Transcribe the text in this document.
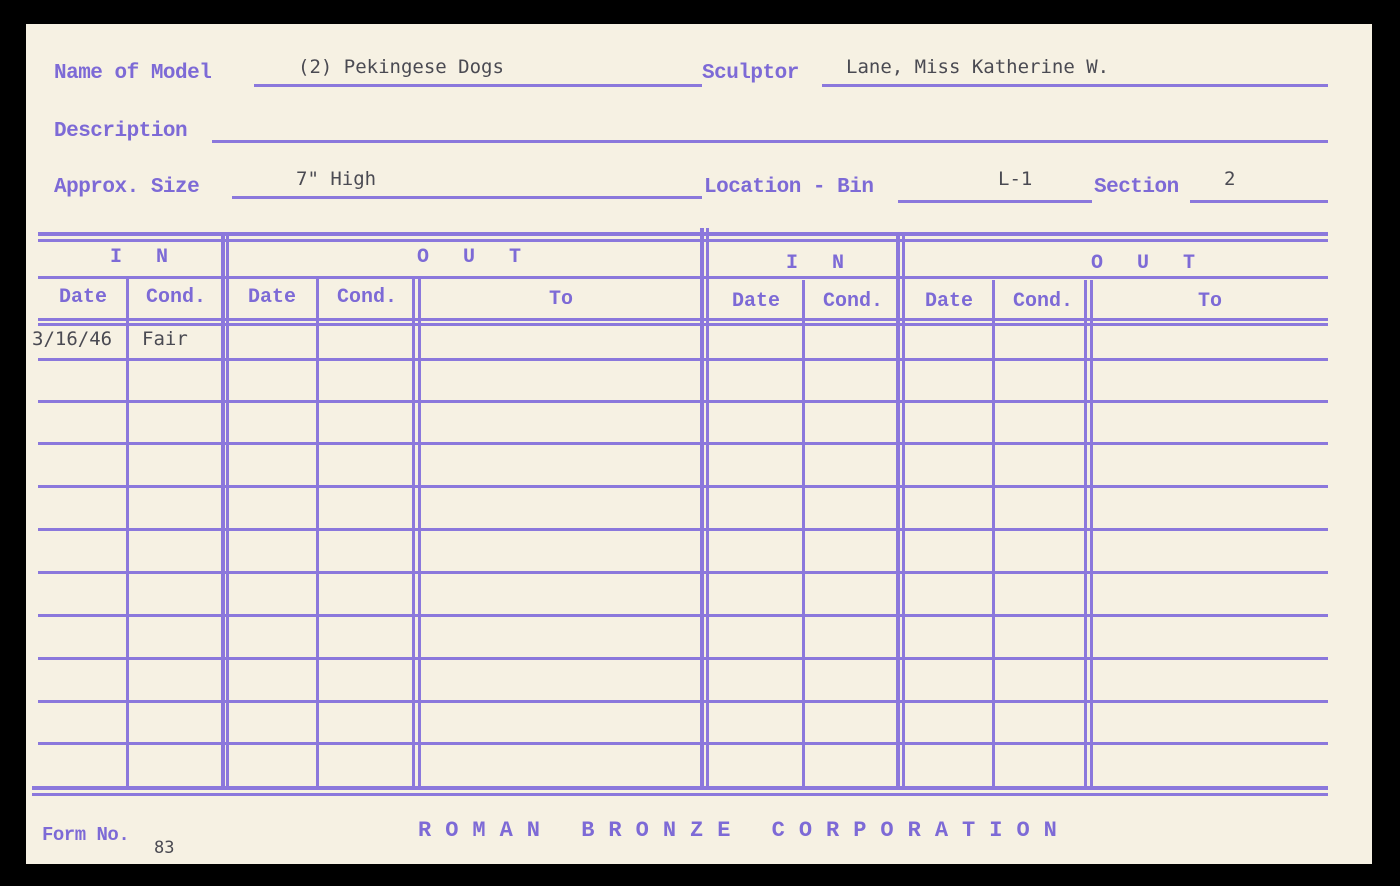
Name of Model	(2) Pekingese Dogs	Sculptor Lane, Miss Katherine W.
Description
Approx. Size	7" High	Location - Bin	L-1	Section 2
IN	OUT	IN	OUT
Date	Cond.	Date	Cond.	To	Date	Cond.	Date	Cond.	To
3/16/46 Fair
Form No.
83
ROMAN BRONZE CORPORATION
